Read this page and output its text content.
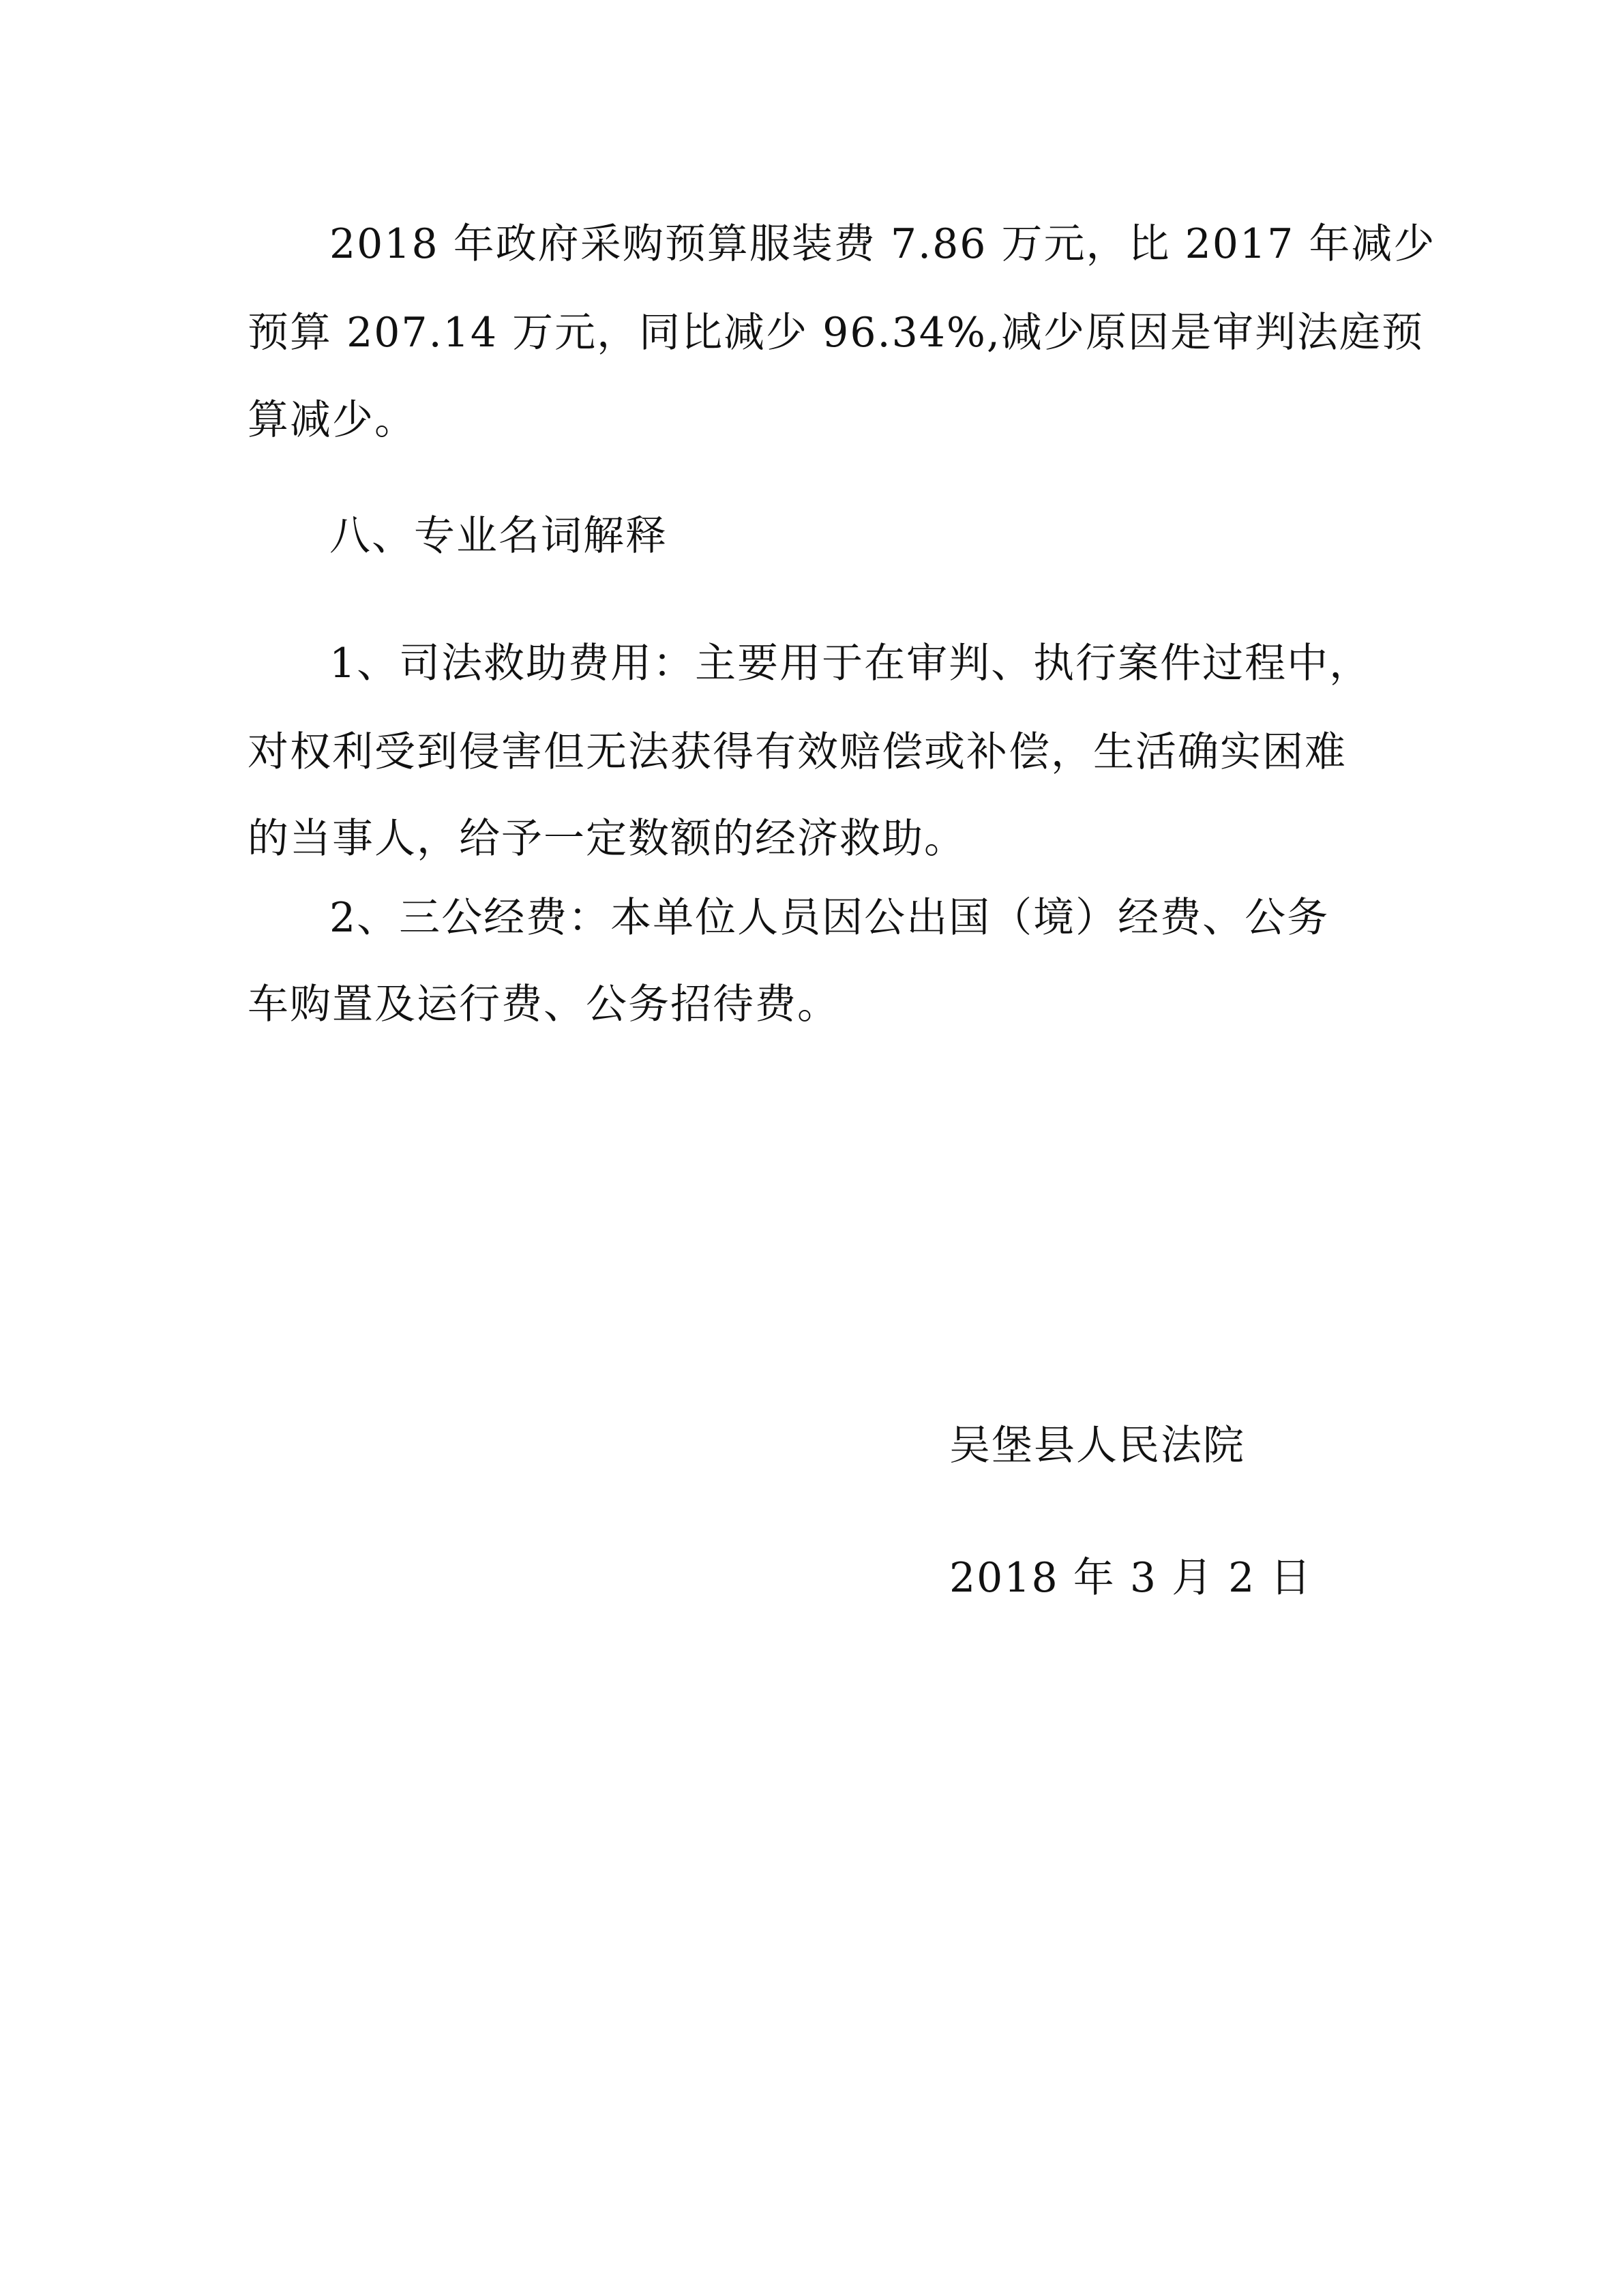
2018 年政府采购预算服装费 7.86 万元，比 2017 年减少
预算 207.14 万元，同比减少 96.34%,减少原因是审判法庭预
算减少。
八、专业名词解释
1、司法救助费用：主要用于在审判、执行案件过程中，
对权利受到侵害但无法获得有效赔偿或补偿，生活确实困难
的当事人，给予一定数额的经济救助。
2、三公经费：本单位人员因公出国（境）经费、公务
车购置及运行费、公务招待费。
吴堡县人民法院
2018 年 3 月 2 日
